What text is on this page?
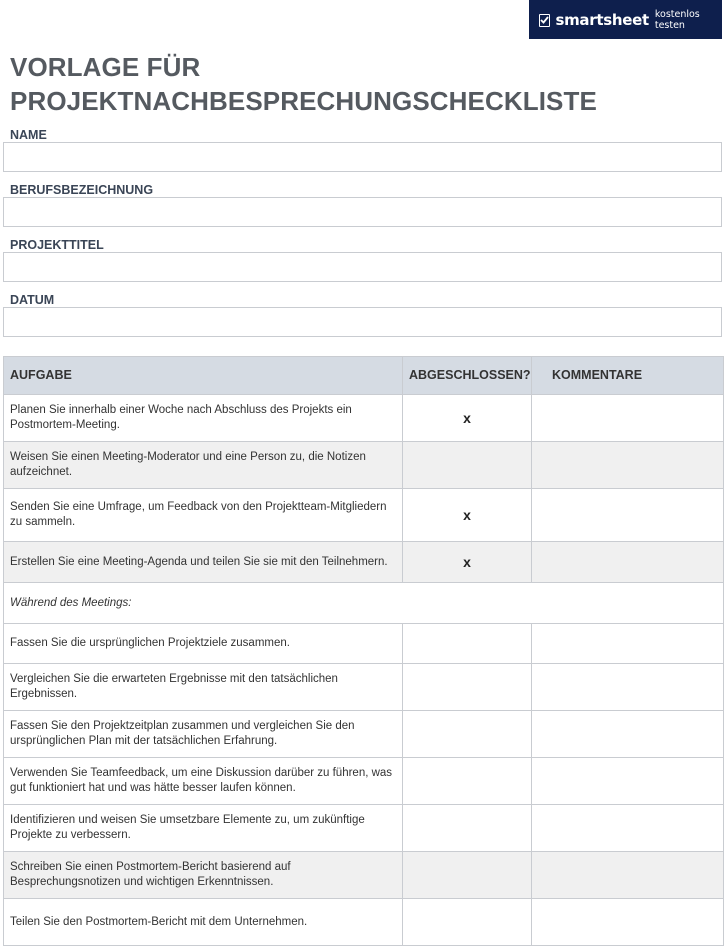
smartsheet kostenlos testen
VORLAGE FÜR
PROJEKTNACHBESPRECHUNGSCHECKLISTE
NAME
BERUFSBEZEICHNUNG
PROJEKTTITEL
DATUM
AUFGABE	ABGESCHLOSSEN?	KOMMENTARE
Planen Sie innerhalb einer Woche nach Abschluss des Projekts ein Postmortem-Meeting.	x	
Weisen Sie einen Meeting-Moderator und eine Person zu, die Notizen aufzeichnet.		
Senden Sie eine Umfrage, um Feedback von den Projektteam-Mitgliedern zu sammeln.	x	
Erstellen Sie eine Meeting-Agenda und teilen Sie sie mit den Teilnehmern.	x	
Während des Meetings:		
Fassen Sie die ursprünglichen Projektziele zusammen.		
Vergleichen Sie die erwarteten Ergebnisse mit den tatsächlichen Ergebnissen.		
Fassen Sie den Projektzeitplan zusammen und vergleichen Sie den ursprünglichen Plan mit der tatsächlichen Erfahrung.		
Verwenden Sie Teamfeedback, um eine Diskussion darüber zu führen, was gut funktioniert hat und was hätte besser laufen können.		
Identifizieren und weisen Sie umsetzbare Elemente zu, um zukünftige Projekte zu verbessern.		
Schreiben Sie einen Postmortem-Bericht basierend auf Besprechungsnotizen und wichtigen Erkenntnissen.		
Teilen Sie den Postmortem-Bericht mit dem Unternehmen.		
